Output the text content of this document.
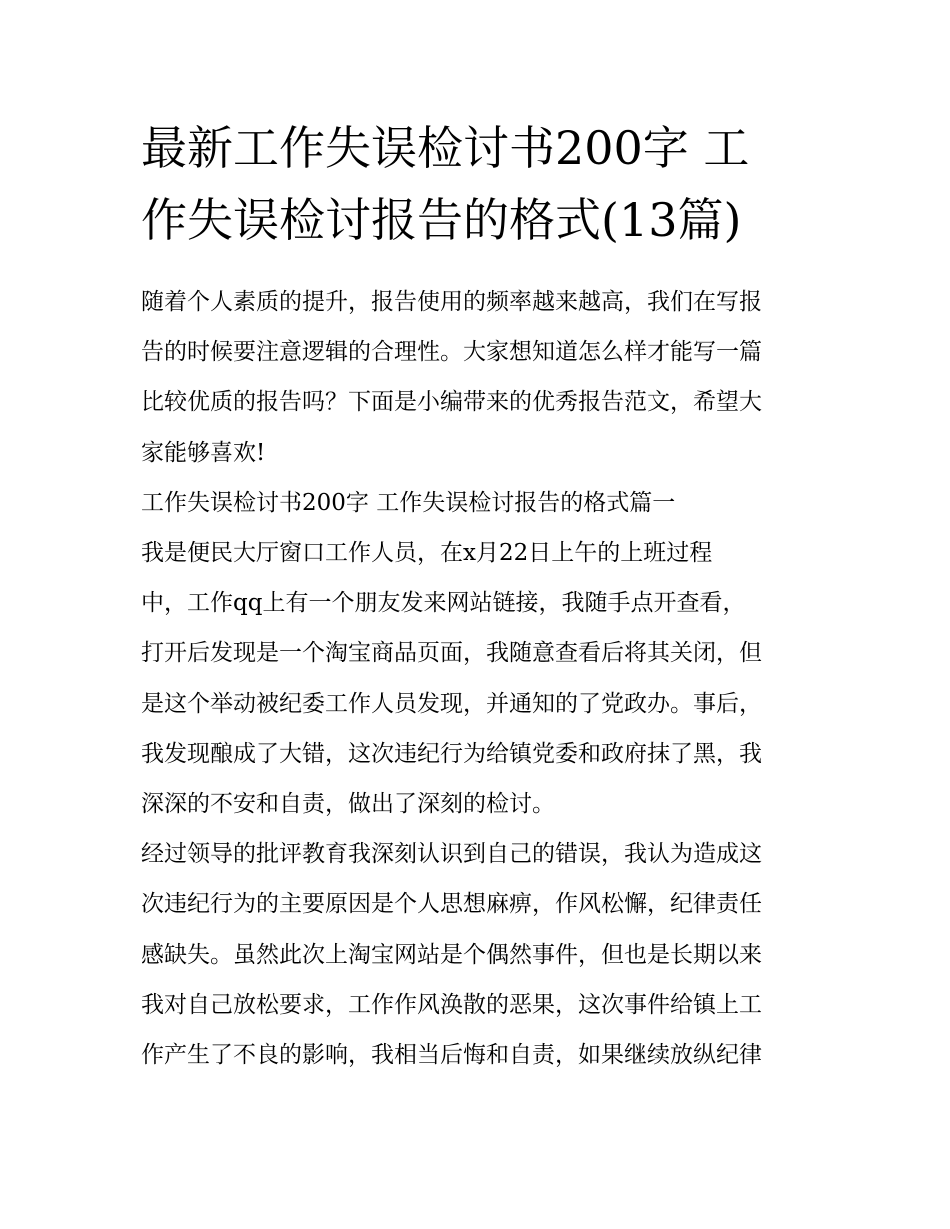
最新工作失误检讨书200字 工
作失误检讨报告的格式(13篇)

随着个人素质的提升，报告使用的频率越来越高，我们在写报
告的时候要注意逻辑的合理性。大家想知道怎么样才能写一篇
比较优质的报告吗？下面是小编带来的优秀报告范文，希望大
家能够喜欢!

工作失误检讨书200字 工作失误检讨报告的格式篇一

我是便民大厅窗口工作人员，在x月22日上午的上班过程
中，工作qq上有一个朋友发来网站链接，我随手点开查看，
打开后发现是一个淘宝商品页面，我随意查看后将其关闭，但
是这个举动被纪委工作人员发现，并通知的了党政办。事后，
我发现酿成了大错，这次违纪行为给镇党委和政府抹了黑，我
深深的不安和自责，做出了深刻的检讨。

经过领导的批评教育我深刻认识到自己的错误，我认为造成这
次违纪行为的主要原因是个人思想麻痹，作风松懈，纪律责任
感缺失。虽然此次上淘宝网站是个偶然事件，但也是长期以来
我对自己放松要求，工作作风涣散的恶果，这次事件给镇上工
作产生了不良的影响，我相当后悔和自责，如果继续放纵纪律
